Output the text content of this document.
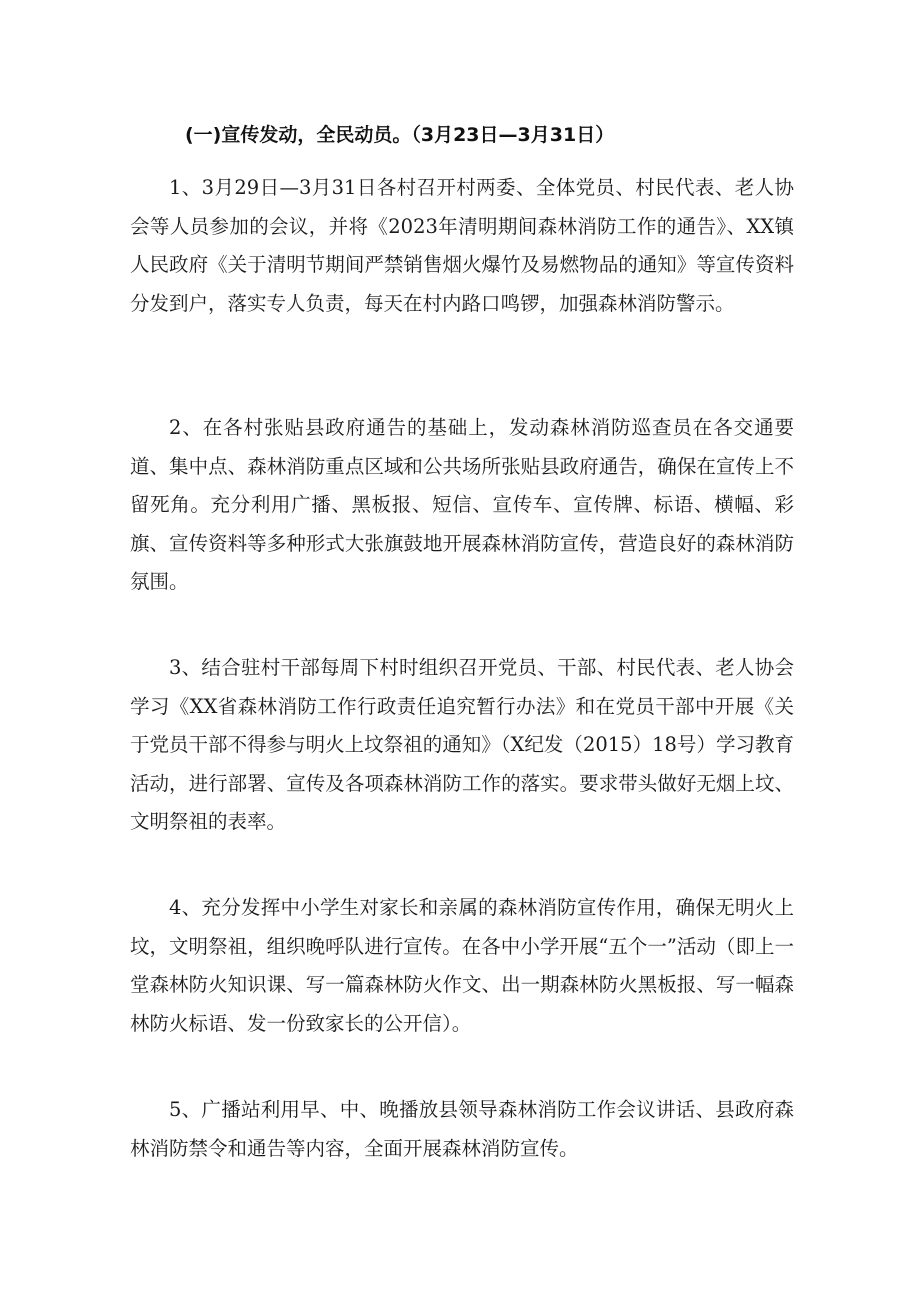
(一)宣传发动，全民动员。（3月23日—3月31日）

1、3月29日—3月31日各村召开村两委、全体党员、村民代表、老人协会等人员参加的会议，并将《2023年清明期间森林消防工作的通告》、XX镇人民政府《关于清明节期间严禁销售烟火爆竹及易燃物品的通知》等宣传资料分发到户，落实专人负责，每天在村内路口鸣锣，加强森林消防警示。

2、在各村张贴县政府通告的基础上，发动森林消防巡查员在各交通要道、集中点、森林消防重点区域和公共场所张贴县政府通告，确保在宣传上不留死角。充分利用广播、黑板报、短信、宣传车、宣传牌、标语、横幅、彩旗、宣传资料等多种形式大张旗鼓地开展森林消防宣传，营造良好的森林消防氛围。

3、结合驻村干部每周下村时组织召开党员、干部、村民代表、老人协会学习《XX省森林消防工作行政责任追究暂行办法》和在党员干部中开展《关于党员干部不得参与明火上坟祭祖的通知》（X纪发（2015）18号）学习教育活动，进行部署、宣传及各项森林消防工作的落实。要求带头做好无烟上坟、文明祭祖的表率。

4、充分发挥中小学生对家长和亲属的森林消防宣传作用，确保无明火上坟，文明祭祖，组织晚呼队进行宣传。在各中小学开展“五个一”活动（即上一堂森林防火知识课、写一篇森林防火作文、出一期森林防火黑板报、写一幅森林防火标语、发一份致家长的公开信）。

5、广播站利用早、中、晚播放县领导森林消防工作会议讲话、县政府森林消防禁令和通告等内容，全面开展森林消防宣传。
